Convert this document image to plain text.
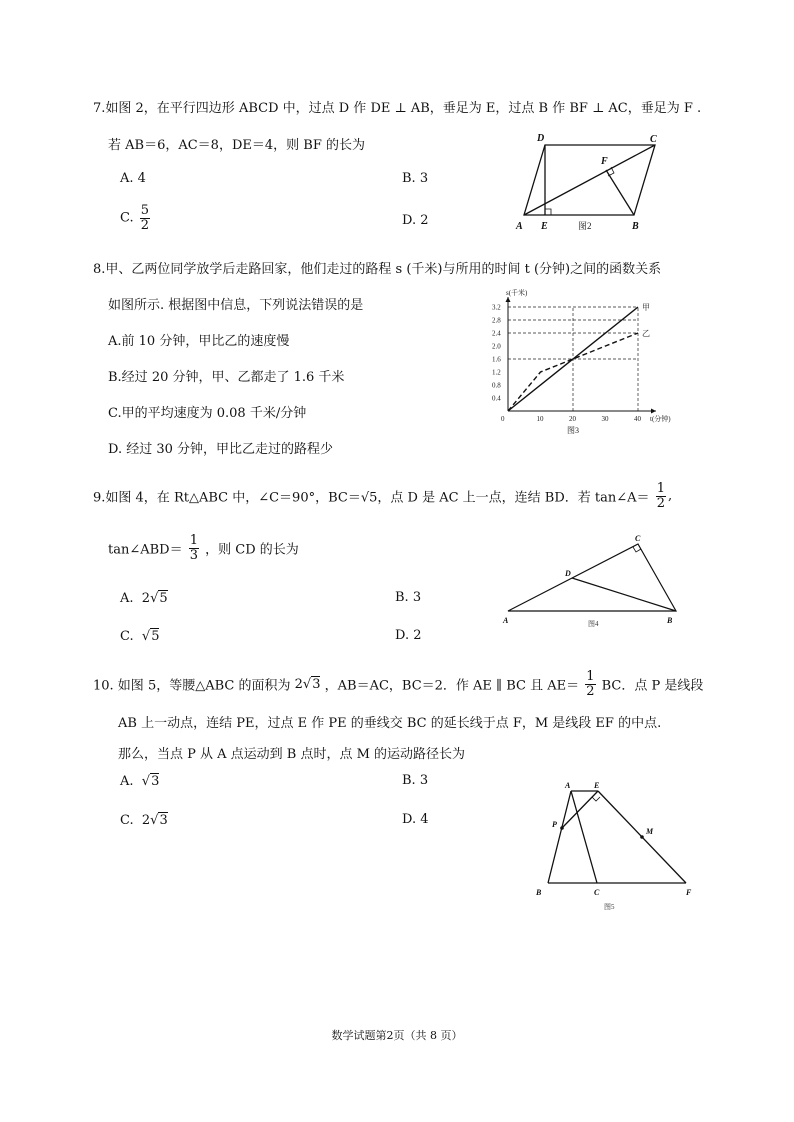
7.如图 2，在平行四边形 ABCD 中，过点 D 作 DE ⊥ AB，垂足为 E，过点 B 作 BF ⊥ AC，垂足为 F .
若 AB＝6，AC＝8，DE＝4，则 BF 的长为
A. 4	B. 3
C. $\frac{5}{2}$	D. 2
D	C
F
A E	B
图2
8.甲、乙两位同学放学后走路回家，他们走过的路程 s (千米)与所用的时间 t (分钟)之间的函数关系
如图所示. 根据图中信息，下列说法错误的是
A.前 10 分钟，甲比乙的速度慢
B.经过 20 分钟，甲、乙都走了 1.6 千米
C.甲的平均速度为 0.08 千米/分钟
D. 经过 30 分钟，甲比乙走过的路程少
甲
乙
0	10	20	30	40
0.4
0.8
1.2
1.6
2.0
2.4
2.8
3.2
s(千米)
t(分钟)
图3
9.如图 4，在 Rt△ABC 中，∠C＝90°，BC＝√5，点 D 是 AC 上一点，连结 BD．若 tan∠A＝ $\frac{1}{2}$ ,
tan∠ABD＝ $\frac{1}{3}$ ，则 CD 的长为
A. 2√5	B. 3
C. √5	D. 2
A
C
D
B
图4
10. 如图 5，等腰△ABC 的面积为 2√3 ，AB＝AC，BC＝2．作 AE ∥ BC 且 $AE= \frac{1}{2}$ BC．点 P 是线段
AB 上一动点，连结 PE，过点 E 作 PE 的垂线交 BC 的延长线于点 F，M 是线段 EF 的中点.
那么，当点 P 从 A 点运动到 B 点时，点 M 的运动路径长为
A. √3	B. 3
C. 2√3	D. 4
A	E
P
M
B	C	F
图5
数学试题第2页（共 8 页）
